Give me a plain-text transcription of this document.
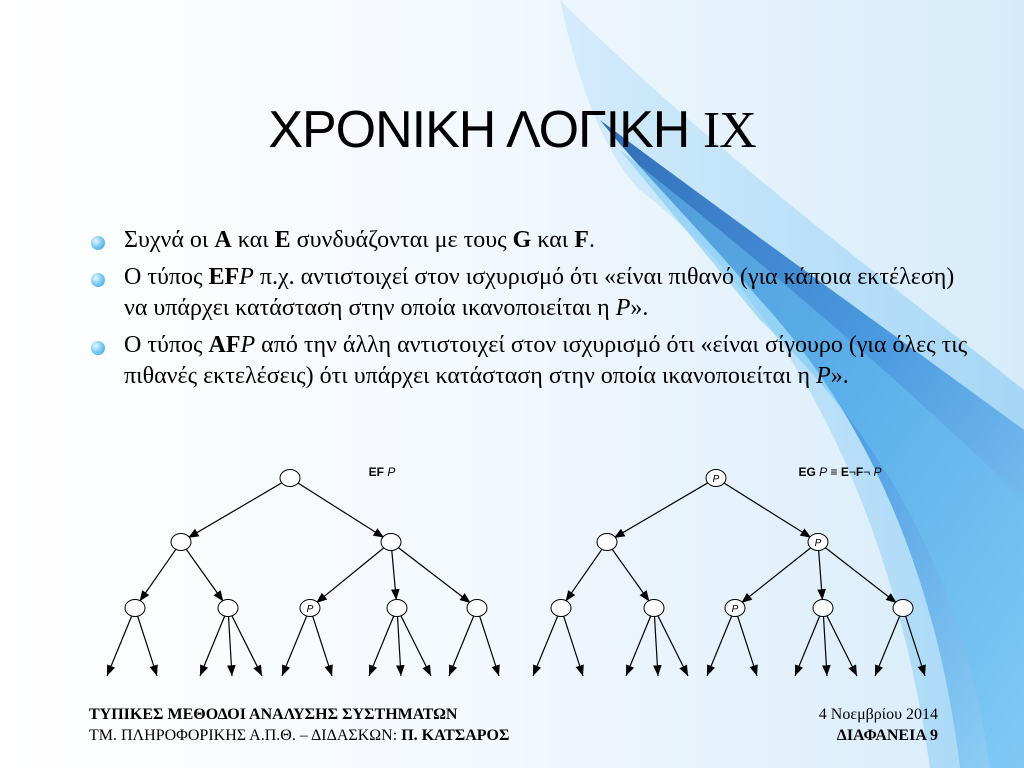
ΧΡΟΝΙΚΗ ΛΟΓΙΚΗ IX
Συχνά οι A και E συνδυάζονται με τους G και F.
Ο τύπος EFP π.χ. αντιστοιχεί στον ισχυρισμό ότι «είναι πιθανό (για κάποια εκτέλεση) να υπάρχει κατάσταση στην οποία ικανοποιείται η P».
Ο τύπος AFP από την άλλη αντιστοιχεί στον ισχυρισμό ότι «είναι σίγουρο (για όλες τις πιθανές εκτελέσεις) ότι υπάρχει κατάσταση στην οποία ικανοποιείται η P».
P
EF P
P
P
P
EG P ≡ E¬F¬ P
ΤΥΠΙΚΕΣ ΜΕΘΟΔΟΙ ΑΝΑΛΥΣΗΣ ΣΥΣΤΗΜΑΤΩΝ
ΤΜ. ΠΛΗΡΟΦΟΡΙΚΗΣ Α.Π.Θ. – ΔΙΔΑΣΚΩΝ: Π. ΚΑΤΣΑΡΟΣ
4 Νοεμβρίου 2014
ΔΙΑΦΑΝΕΙΑ 9
